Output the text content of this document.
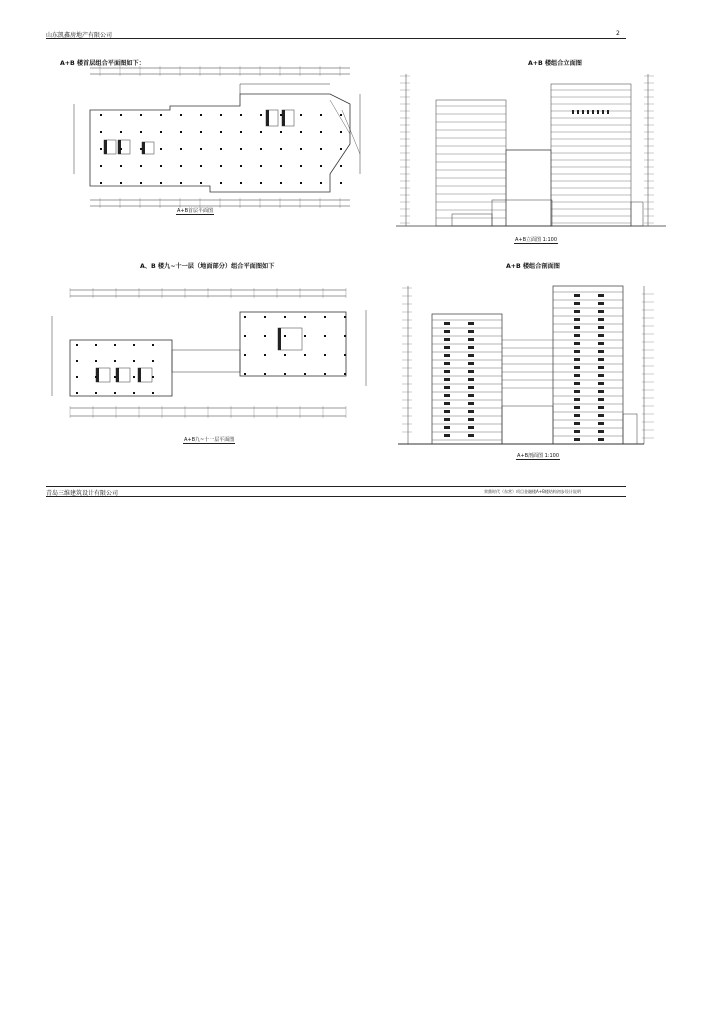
山东凯鑫房地产有限公司	2
A+B 楼首层组合平面图如下：
A+B首层平面图
A+B 楼组合立面图
A+B立面图 1:100
A、B 楼九~十一层（地面部分）组合平面图如下
A+B九~十一层平面图
A+B 楼组合剖面图
A+B剖面图 1:100
青岛三维建筑设计有限公司	荣鼎时代（东营）项目金融楼A+B楼结构初步设计说明
